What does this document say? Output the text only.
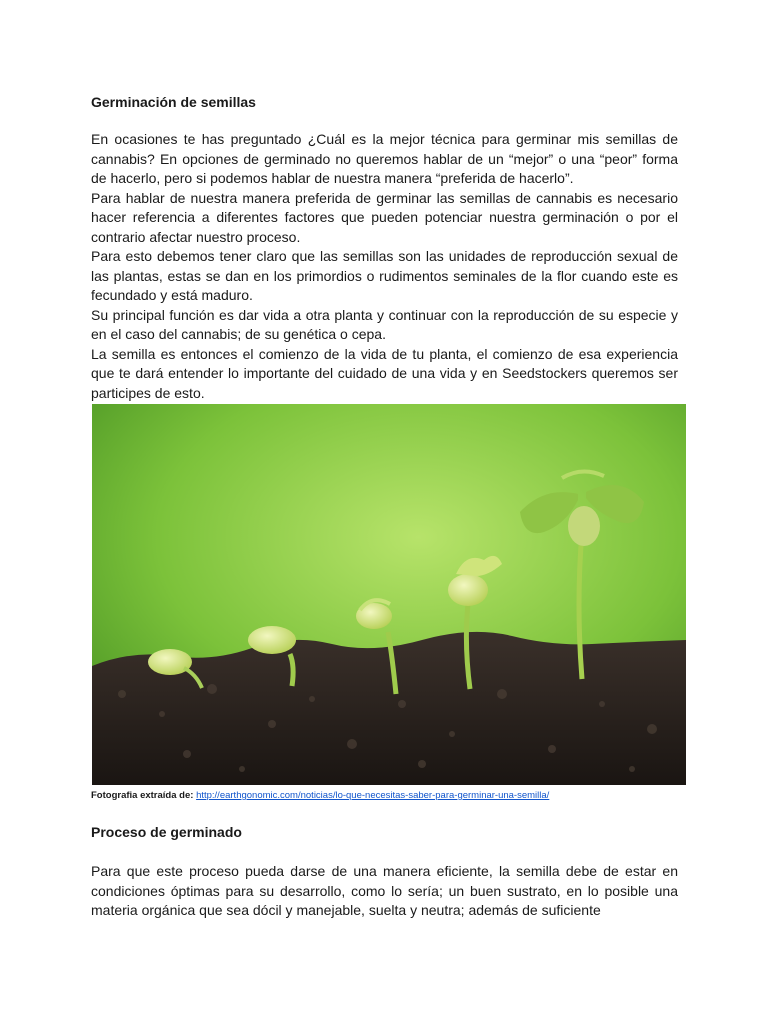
Germinación de semillas

En ocasiones te has preguntado ¿Cuál es la mejor técnica para germinar mis semillas de cannabis? En opciones de germinado no queremos hablar de un “mejor” o una “peor” forma de hacerlo, pero si podemos hablar de nuestra manera “preferida de hacerlo”.

Para hablar de nuestra manera preferida de germinar las semillas de cannabis es necesario hacer referencia a diferentes factores que pueden potenciar nuestra germinación o por el contrario afectar nuestro proceso.

Para esto debemos tener claro que las semillas son las unidades de reproducción sexual de las plantas, estas se dan en los primordios o rudimentos seminales de la flor cuando este es fecundado y está maduro.

Su principal función es dar vida a otra planta y continuar con la reproducción de su especie y en el caso del cannabis; de su genética o cepa.

La semilla es entonces el comienzo de la vida de tu planta, el comienzo de esa experiencia que te dará entender lo importante del cuidado de una vida y en Seedstockers queremos ser participes de esto.

Fotografia extraída de: http://earthgonomic.com/noticias/lo-que-necesitas-saber-para-germinar-una-semilla/
Proceso de germinado

Para que este proceso pueda darse de una manera eficiente, la semilla debe de estar en condiciones óptimas para su desarrollo, como lo sería; un buen sustrato, en lo posible una materia orgánica que sea dócil y manejable, suelta y neutra; además de suficiente
